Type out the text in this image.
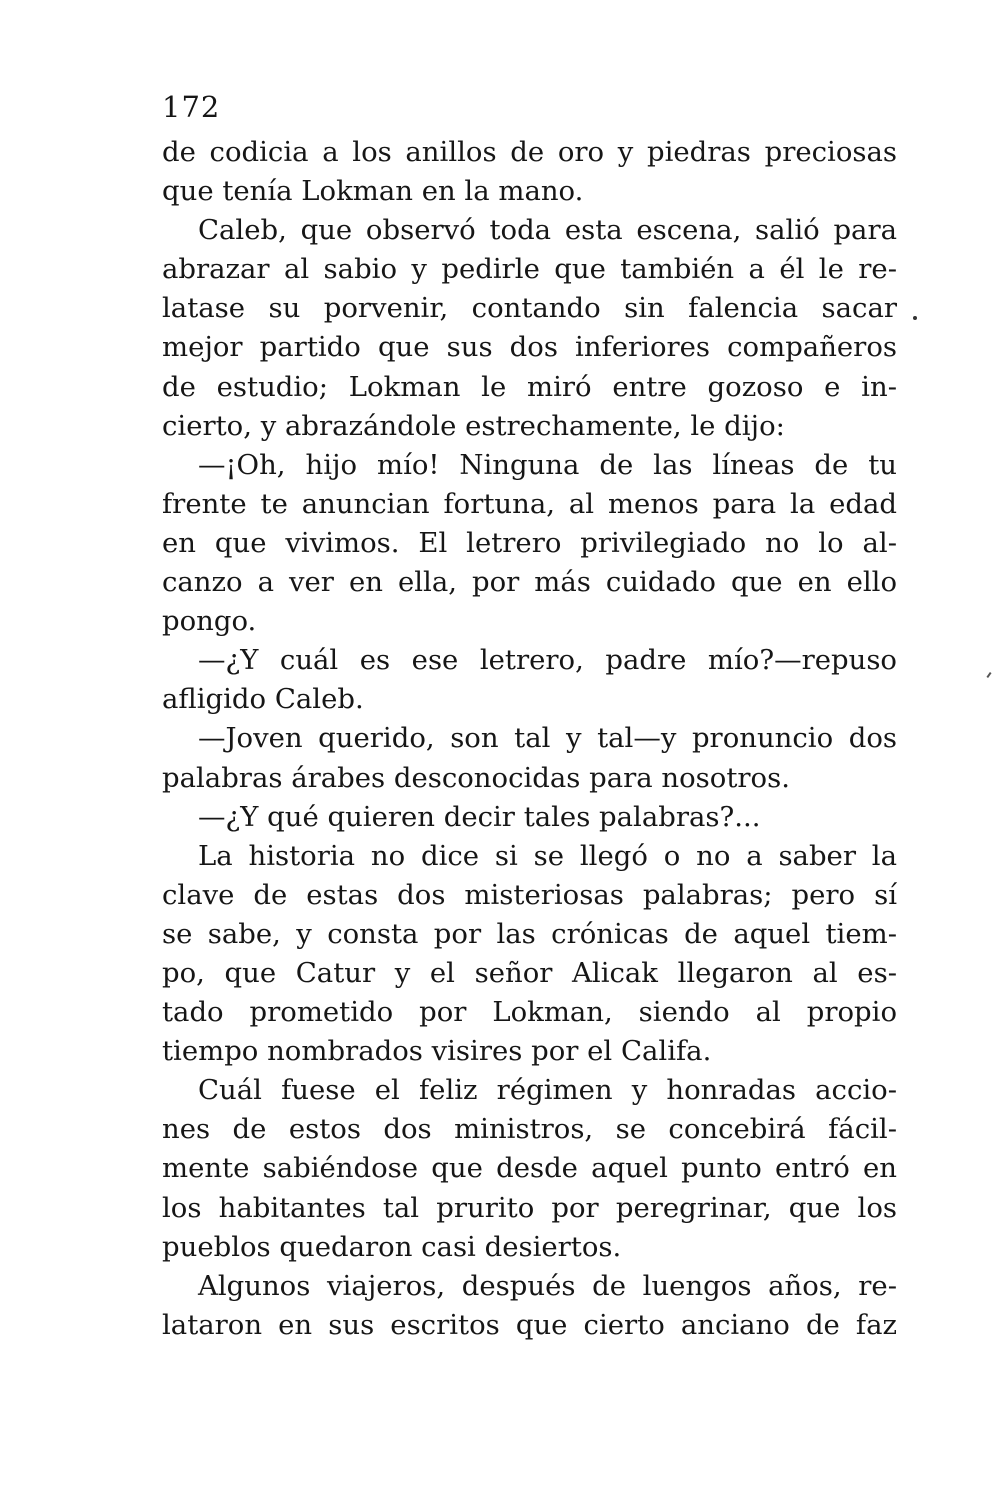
172
de codicia a los anillos de oro y piedras preciosas
que tenía Lokman en la mano.
Caleb, que observó toda esta escena, salió para
abrazar al sabio y pedirle que también a él le re-
latase su porvenir, contando sin falencia sacar
mejor partido que sus dos inferiores compañeros
de estudio; Lokman le miró entre gozoso e in-
cierto, y abrazándole estrechamente, le dijo:
—¡Oh, hijo mío! Ninguna de las líneas de tu
frente te anuncian fortuna, al menos para la edad
en que vivimos. El letrero privilegiado no lo al-
canzo a ver en ella, por más cuidado que en ello
pongo.
—¿Y cuál es ese letrero, padre mío?—repuso
afligido Caleb.
—Joven querido, son tal y tal—y pronuncio dos
palabras árabes desconocidas para nosotros.
—¿Y qué quieren decir tales palabras?...
La historia no dice si se llegó o no a saber la
clave de estas dos misteriosas palabras; pero sí
se sabe, y consta por las crónicas de aquel tiem-
po, que Catur y el señor Alicak llegaron al es-
tado prometido por Lokman, siendo al propio
tiempo nombrados visires por el Califa.
Cuál fuese el feliz régimen y honradas accio-
nes de estos dos ministros, se concebirá fácil-
mente sabiéndose que desde aquel punto entró en
los habitantes tal prurito por peregrinar, que los
pueblos quedaron casi desiertos.
Algunos viajeros, después de luengos años, re-
lataron en sus escritos que cierto anciano de faz
